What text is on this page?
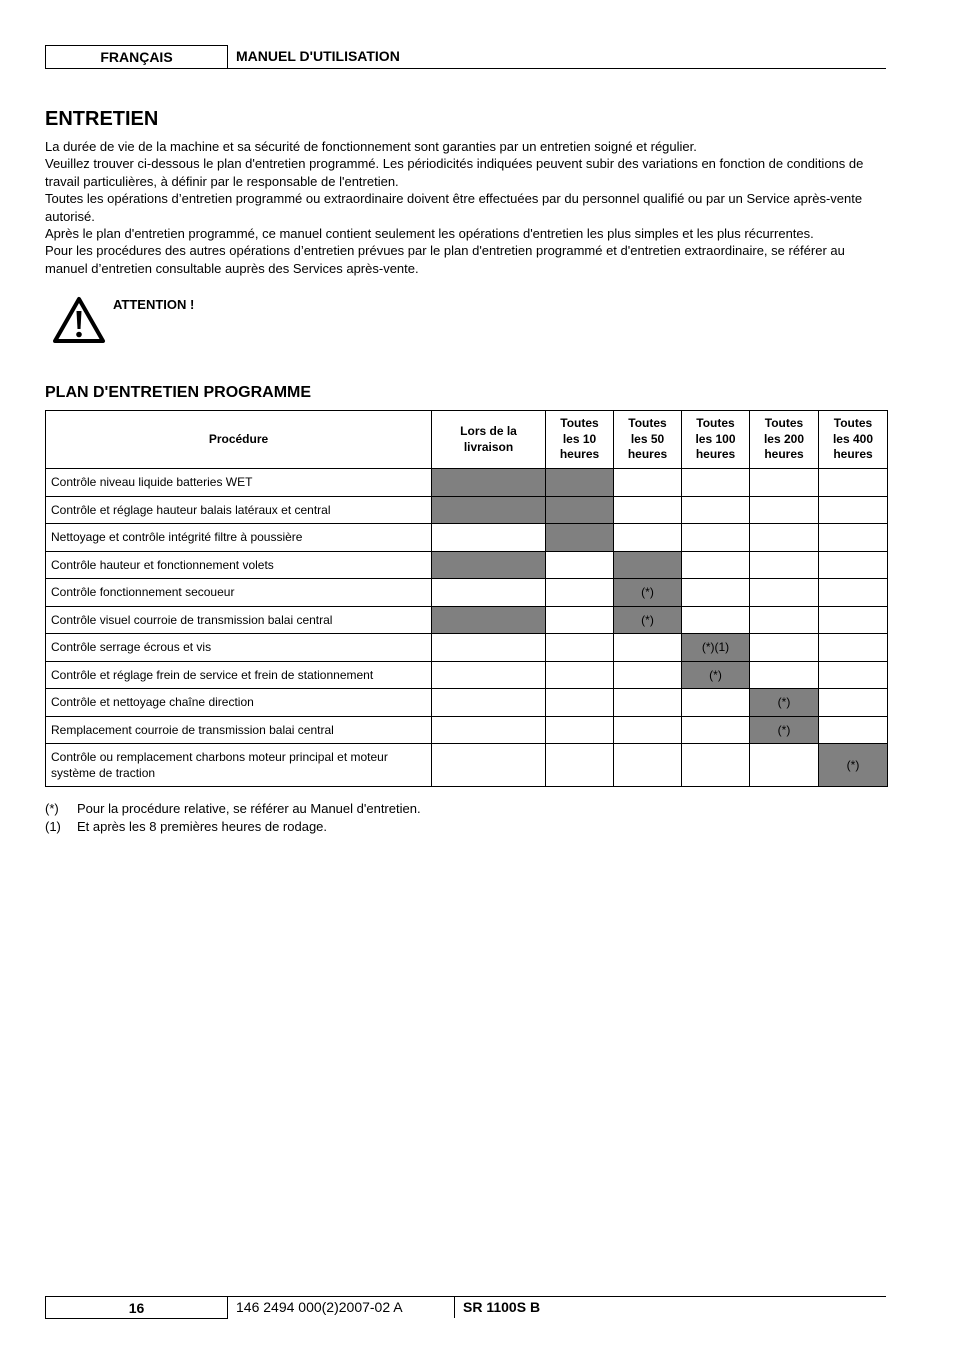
FRANÇAIS	MANUEL D'UTILISATION
ENTRETIEN

La durée de vie de la machine et sa sécurité de fonctionnement sont garanties par un entretien soigné et régulier.

Veuillez trouver ci-dessous le plan d'entretien programmé. Les périodicités indiquées peuvent subir des variations en fonction de conditions de travail particulières, à définir par le responsable de l'entretien.

Toutes les opérations d’entretien programmé ou extraordinaire doivent être effectuées par du personnel qualifié ou par un Service après-vente autorisé.

Après le plan d'entretien programmé, ce manuel contient seulement les opérations d'entretien les plus simples et les plus récurrentes.

Pour les procédures des autres opérations d’entretien prévues par le plan d'entretien programmé et d'entretien extraordinaire, se référer au manuel d’entretien consultable auprès des Services après-vente.

ATTENTION !
PLAN D'ENTRETIEN PROGRAMME
Procédure	Lors de la livraison	Toutes les 10 heures	Toutes les 50 heures	Toutes les 100 heures	Toutes les 200 heures	Toutes les 400 heures
Contrôle niveau liquide batteries WET						
Contrôle et réglage hauteur balais latéraux et central						
Nettoyage et contrôle intégrité filtre à poussière						
Contrôle hauteur et fonctionnement volets						
Contrôle fonctionnement secoueur			(*)			
Contrôle visuel courroie de transmission balai central			(*)			
Contrôle serrage écrous et vis				(*)(1)		
Contrôle et réglage frein de service et frein de stationnement				(*)		
Contrôle et nettoyage chaîne direction					(*)	
Remplacement courroie de transmission balai central					(*)	
Contrôle ou remplacement charbons moteur principal et moteur système de traction						(*)
(*) Pour la procédure relative, se référer au Manuel d'entretien.
(1) Et après les 8 premières heures de rodage.
16	146 2494 000(2)2007-02 A	SR 1100S B
